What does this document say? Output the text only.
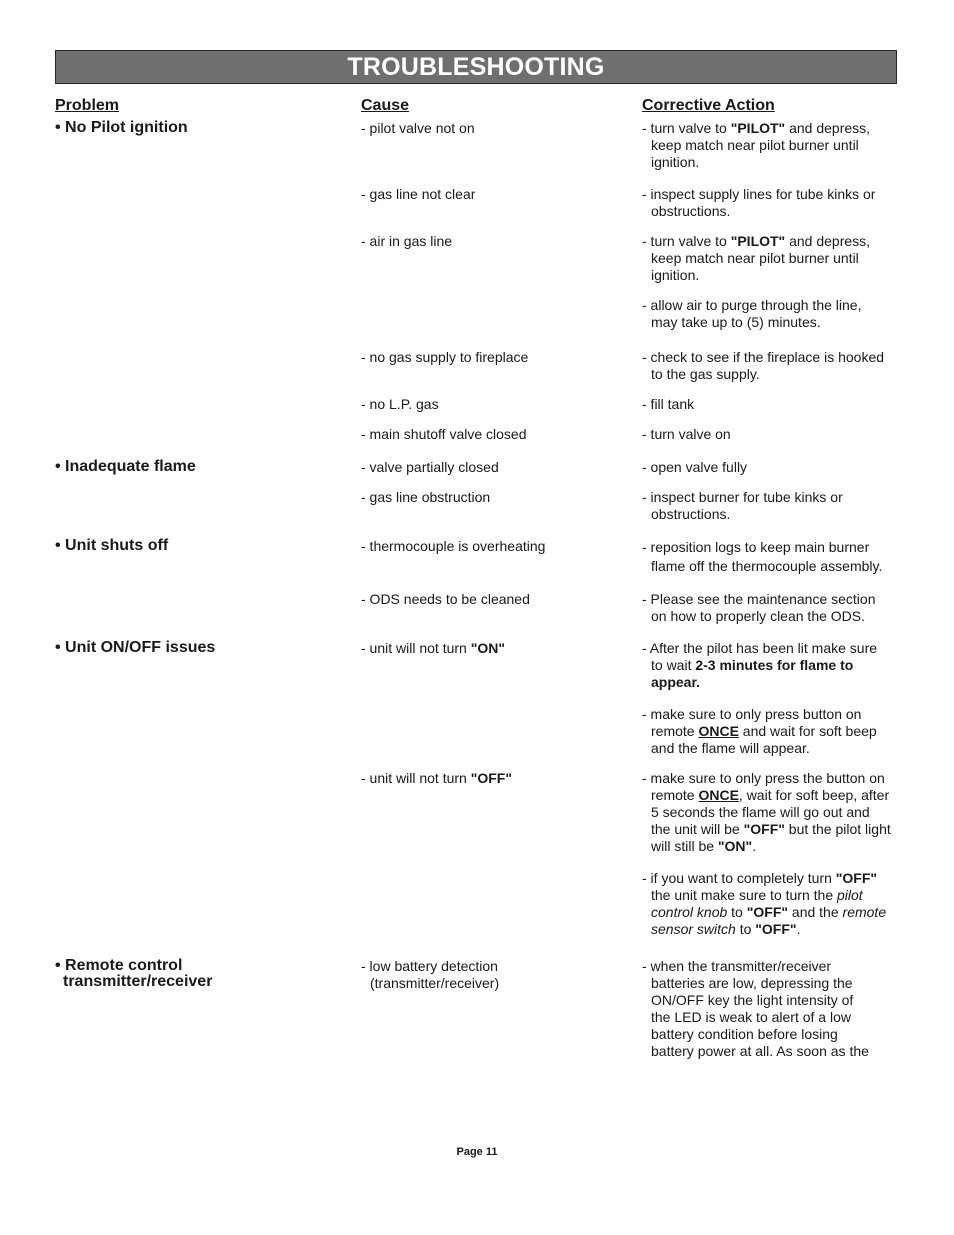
TROUBLESHOOTING
Problem	Cause	Corrective Action
• No Pilot ignition
• Inadequate flame
• Unit shuts off
• Unit ON/OFF issues
• Remote control
transmitter/receiver
- pilot valve not on
- gas line not clear
- air in gas line
- no gas supply to fireplace
- no L.P. gas
- main shutoff valve closed
- valve partially closed
- gas line obstruction
- thermocouple is overheating
- ODS needs to be cleaned
- unit will not turn "ON"
- unit will not turn "OFF"
- low battery detection
(transmitter/receiver)
- turn valve to "PILOT" and depress,
keep match near pilot burner until
ignition.
- inspect supply lines for tube kinks or
obstructions.
- turn valve to "PILOT" and depress,
keep match near pilot burner until
ignition.
- allow air to purge through the line,
may take up to (5) minutes.
- check to see if the fireplace is hooked
to the gas supply.
- fill tank
- turn valve on
- open valve fully
- inspect burner for tube kinks or
obstructions.
- reposition logs to keep main burner
flame off the thermocouple assembly.
- Please see the maintenance section
on how to properly clean the ODS.
- After the pilot has been lit make sure
to wait 2-3 minutes for flame to
appear.
- make sure to only press button on
remote ONCE and wait for soft beep
and the flame will appear.
- make sure to only press the button on
remote ONCE, wait for soft beep, after
5 seconds the flame will go out and
the unit will be "OFF" but the pilot light
will still be "ON".
- if you want to completely turn "OFF"
the unit make sure to turn the pilot
control knob to "OFF" and the remote
sensor switch to "OFF".
- when the transmitter/receiver
batteries are low, depressing the
ON/OFF key the light intensity of
the LED is weak to alert of a low
battery condition before losing
battery power at all. As soon as the
Page 11
